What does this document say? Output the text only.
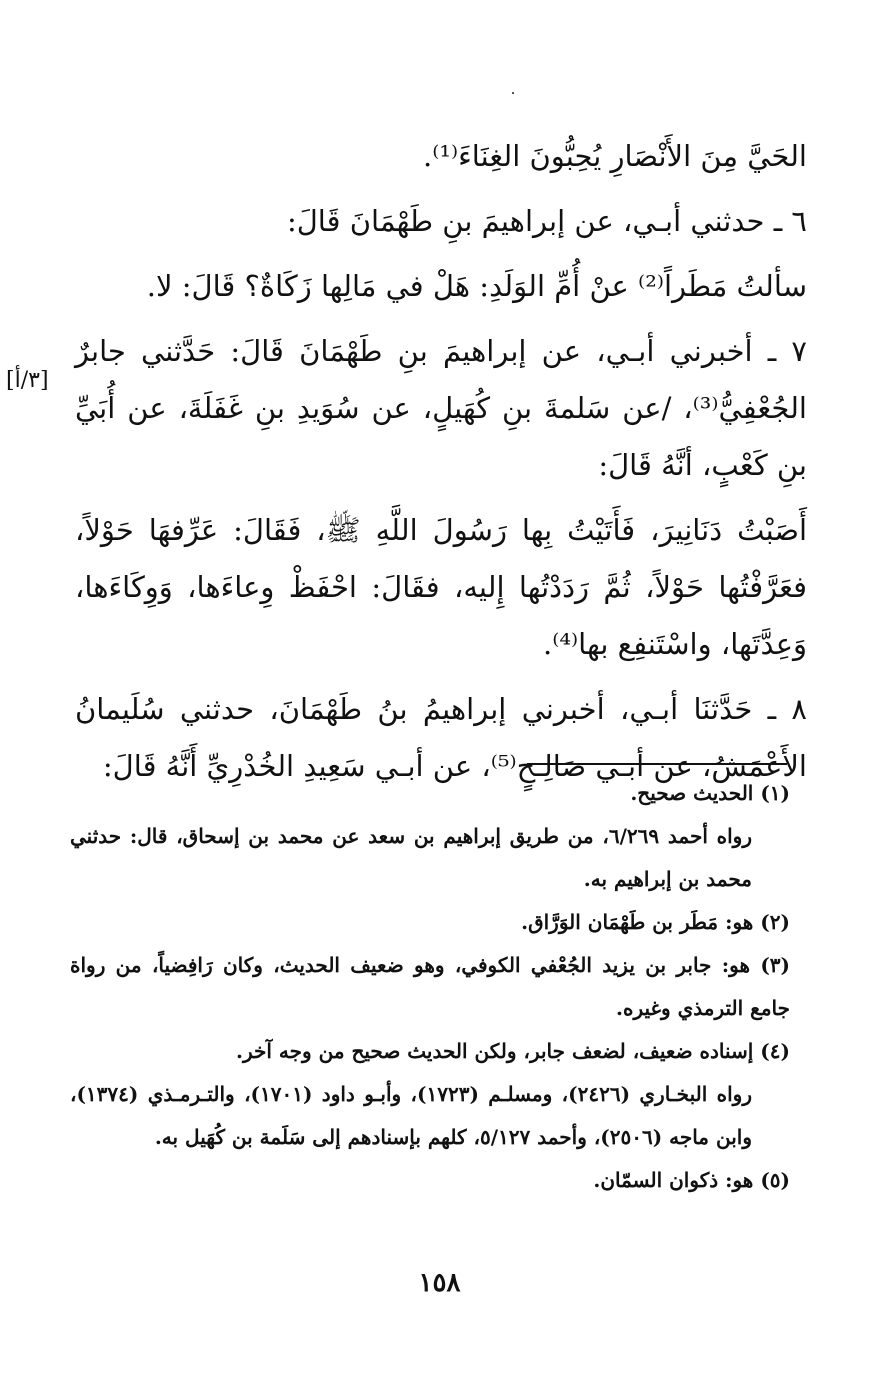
الحَيَّ مِنَ الأَنْصَارِ يُحِبُّونَ الغِنَاءَ⁽¹⁾.

٦ ـ حدثني أبـي، عن إبراهيمَ بنِ طَهْمَانَ قَالَ:

سألتُ مَطَراً⁽²⁾ عنْ أُمِّ الوَلَدِ: هَلْ في مَالِها زَكَاةٌ؟ قَالَ: لا.

٧ ـ أخبرني أبـي، عن إبراهيمَ بنِ طَهْمَانَ قَالَ: حَدَّثني جابرٌ الجُعْفِيُّ⁽³⁾، /عن سَلمةَ بنِ كُهَيلٍ، عن سُوَيدِ بنِ غَفَلَةَ، عن أُبَيِّ بنِ كَعْبٍ، أنَّهُ قَالَ:

أَصَبْتُ دَنَانِيرَ، فَأَتَيْتُ بِها رَسُولَ اللَّهِ ﷺ، فَقَالَ: عَرِّفهَا حَوْلاً، فعَرَّفْتُها حَوْلاً، ثُمَّ رَدَدْتُها إِليه، فقَالَ: احْفَظْ وِعاءَها، وَوِكَاءَها، وَعِدَّتَها، واسْتَنفِع بها⁽⁴⁾.

٨ ـ حَدَّثنَا أبـي، أخبرني إبراهيمُ بنُ طَهْمَانَ، حدثني سُلَيمانُ الأَعْمَشُ، عن أبـي صَالِـحٍ⁽⁵⁾، عن أبـي سَعِيدِ الخُدْرِيِّ أَنَّهُ قَالَ:

[٣/أ]

(١) الحديث صحيح.

رواه أحمد ٦/٢٦٩، من طريق إبراهيم بن سعد عن محمد بن إسحاق، قال: حدثني محمد بن إبراهيم به.

(٢) هو: مَطَر بن طَهْمَان الوَرَّاق.

(٣) هو: جابر بن يزيد الجُعْفي الكوفي، وهو ضعيف الحديث، وكان رَافِضياً، من رواة جامع الترمذي وغيره.

(٤) إسناده ضعيف، لضعف جابر، ولكن الحديث صحيح من وجه آخر.

رواه البخـاري (٢٤٢٦)، ومسلـم (١٧٢٣)، وأبـو داود (١٧٠١)، والتـرمـذي (١٣٧٤)، وابن ماجه (٢٥٠٦)، وأحمد ٥/١٢٧، كلهم بإسنادهم إلى سَلَمة بن كُهَيل به.

(٥) هو: ذكوان السمّان.

١٥٨
